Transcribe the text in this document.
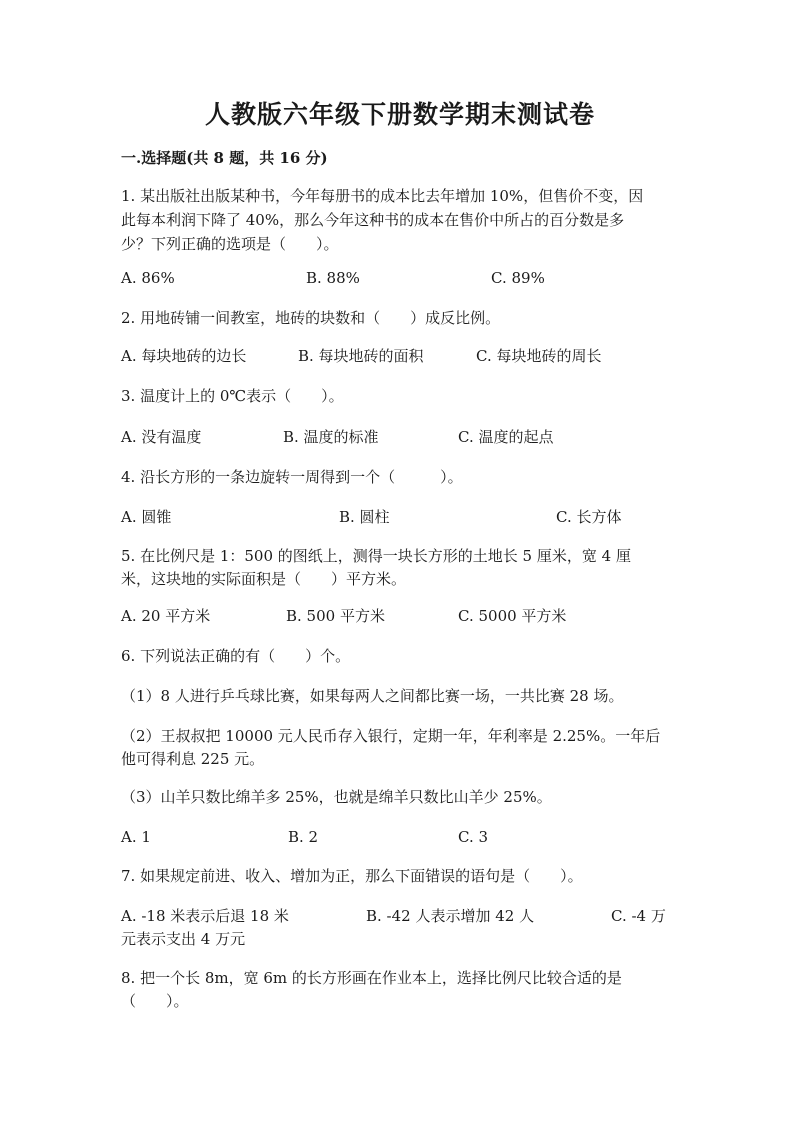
人教版六年级下册数学期末测试卷
一.选择题(共 8 题，共 16 分)
1. 某出版社出版某种书，今年每册书的成本比去年增加 10%，但售价不变，因
此每本利润下降了 40%，那么今年这种书的成本在售价中所占的百分数是多
少？下列正确的选项是（　　）。
A. 86%	B. 88%	C. 89%
2. 用地砖铺一间教室，地砖的块数和（　　）成反比例。
A. 每块地砖的边长	B. 每块地砖的面积	C. 每块地砖的周长
3. 温度计上的 0℃表示（　　）。
A. 没有温度	B. 温度的标准	C. 温度的起点
4. 沿长方形的一条边旋转一周得到一个（　　　）。
A. 圆锥	B. 圆柱	C. 长方体
5. 在比例尺是 1：500 的图纸上，测得一块长方形的土地长 5 厘米，宽 4 厘
米，这块地的实际面积是（　　）平方米。
A. 20 平方米	B. 500 平方米	C. 5000 平方米
6. 下列说法正确的有（　　）个。
（1）8 人进行乒乓球比赛，如果每两人之间都比赛一场，一共比赛 28 场。
（2）王叔叔把 10000 元人民币存入银行，定期一年，年利率是 2.25%。一年后
他可得利息 225 元。
（3）山羊只数比绵羊多 25%，也就是绵羊只数比山羊少 25%。
A. 1	B. 2	C. 3
7. 如果规定前进、收入、增加为正，那么下面错误的语句是（　　）。
A. -18 米表示后退 18 米	B. -42 人表示增加 42 人	C. -4 万
元表示支出 4 万元
8. 把一个长 8m，宽 6m 的长方形画在作业本上，选择比例尺比较合适的是
（　　）。
